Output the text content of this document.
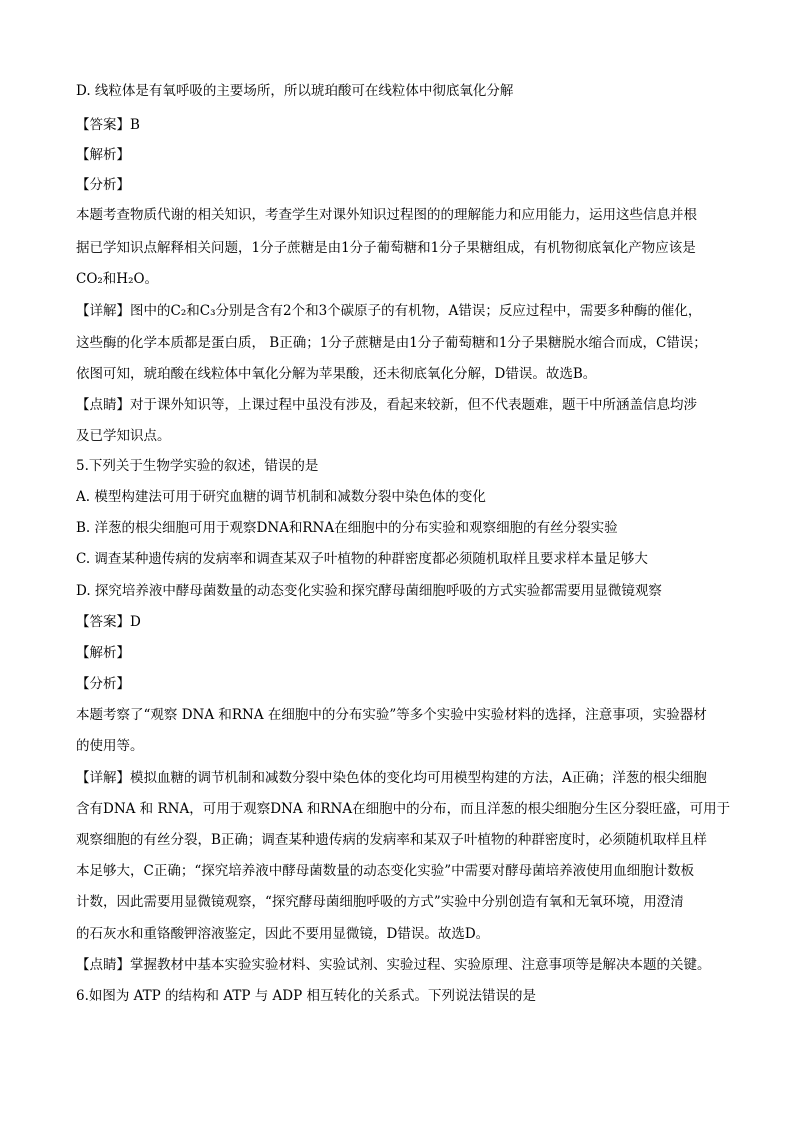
D. 线粒体是有氧呼吸的主要场所，所以琥珀酸可在线粒体中彻底氧化分解
【答案】B
【解析】
【分析】
本题考查物质代谢的相关知识，考查学生对课外知识过程图的的理解能力和应用能力，运用这些信息并根
据已学知识点解释相关问题，1分子蔗糖是由1分子葡萄糖和1分子果糖组成，有机物彻底氧化产物应该是
CO₂和H₂O。
【详解】图中的C₂和C₃分别是含有2个和3个碳原子的有机物，A错误；反应过程中，需要多种酶的催化，
这些酶的化学本质都是蛋白质， B正确；1分子蔗糖是由1分子葡萄糖和1分子果糖脱水缩合而成，C错误；
依图可知，琥珀酸在线粒体中氧化分解为苹果酸，还未彻底氧化分解，D错误。故选B。
【点睛】对于课外知识等，上课过程中虽没有涉及，看起来较新，但不代表题难，题干中所涵盖信息均涉
及已学知识点。
5.下列关于生物学实验的叙述，错误的是
A. 模型构建法可用于研究血糖的调节机制和减数分裂中染色体的变化
B. 洋葱的根尖细胞可用于观察DNA和RNA在细胞中的分布实验和观察细胞的有丝分裂实验
C. 调查某种遗传病的发病率和调查某双子叶植物的种群密度都必须随机取样且要求样本量足够大
D. 探究培养液中酵母菌数量的动态变化实验和探究酵母菌细胞呼吸的方式实验都需要用显微镜观察
【答案】D
【解析】
【分析】
本题考察了“观察 DNA 和RNA 在细胞中的分布实验”等多个实验中实验材料的选择，注意事项，实验器材
的使用等。
【详解】模拟血糖的调节机制和减数分裂中染色体的变化均可用模型构建的方法，A正确；洋葱的根尖细胞
含有DNA 和 RNA，可用于观察DNA 和RNA在细胞中的分布，而且洋葱的根尖细胞分生区分裂旺盛，可用于
观察细胞的有丝分裂，B正确；调查某种遗传病的发病率和某双子叶植物的种群密度时，必须随机取样且样
本足够大，C正确；“探究培养液中酵母菌数量的动态变化实验”中需要对酵母菌培养液使用血细胞计数板
计数，因此需要用显微镜观察，“探究酵母菌细胞呼吸的方式”实验中分别创造有氧和无氧环境，用澄清
的石灰水和重铬酸钾溶液鉴定，因此不要用显微镜，D错误。故选D。
【点睛】掌握教材中基本实验实验材料、实验试剂、实验过程、实验原理、注意事项等是解决本题的关键。
6.如图为 ATP 的结构和 ATP 与 ADP 相互转化的关系式。下列说法错误的是
